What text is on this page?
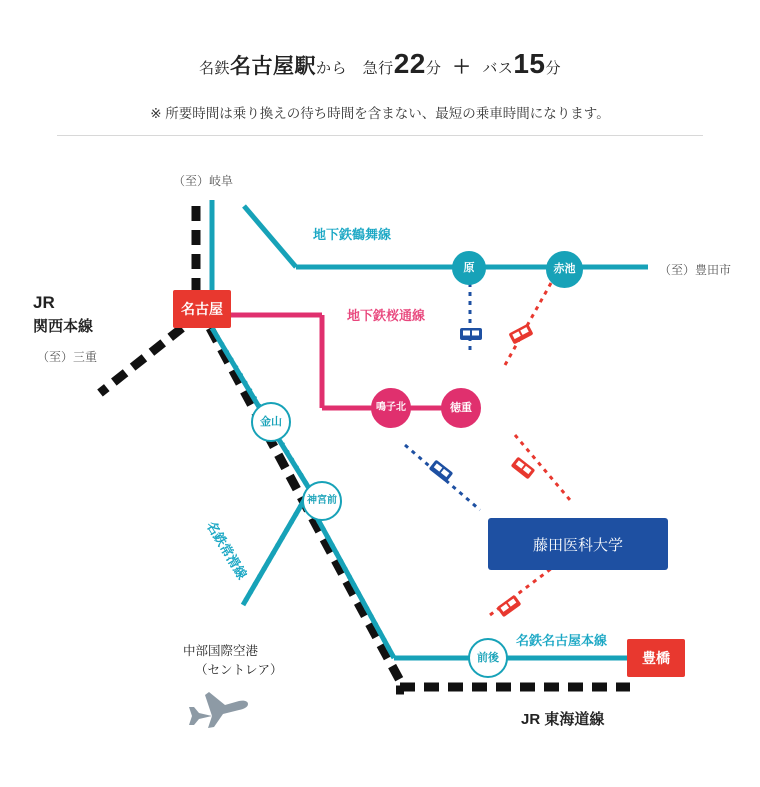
名鉄名古屋駅から 急行22分 ＋ バス15分
※ 所要時間は乗り換えの待ち時間を含まない、最短の乗車時間になります。
（至）岐阜
（至）三重
（至）豊田市
JR
関西本線
地下鉄鶴舞線
地下鉄桜通線
名鉄名古屋本線
名鉄常滑線
JR 東海道線
中部国際空港
（セントレア）
名古屋
原	赤池
鳴子北	徳重
金山
神宮前
前後	豊橋
藤田医科大学
